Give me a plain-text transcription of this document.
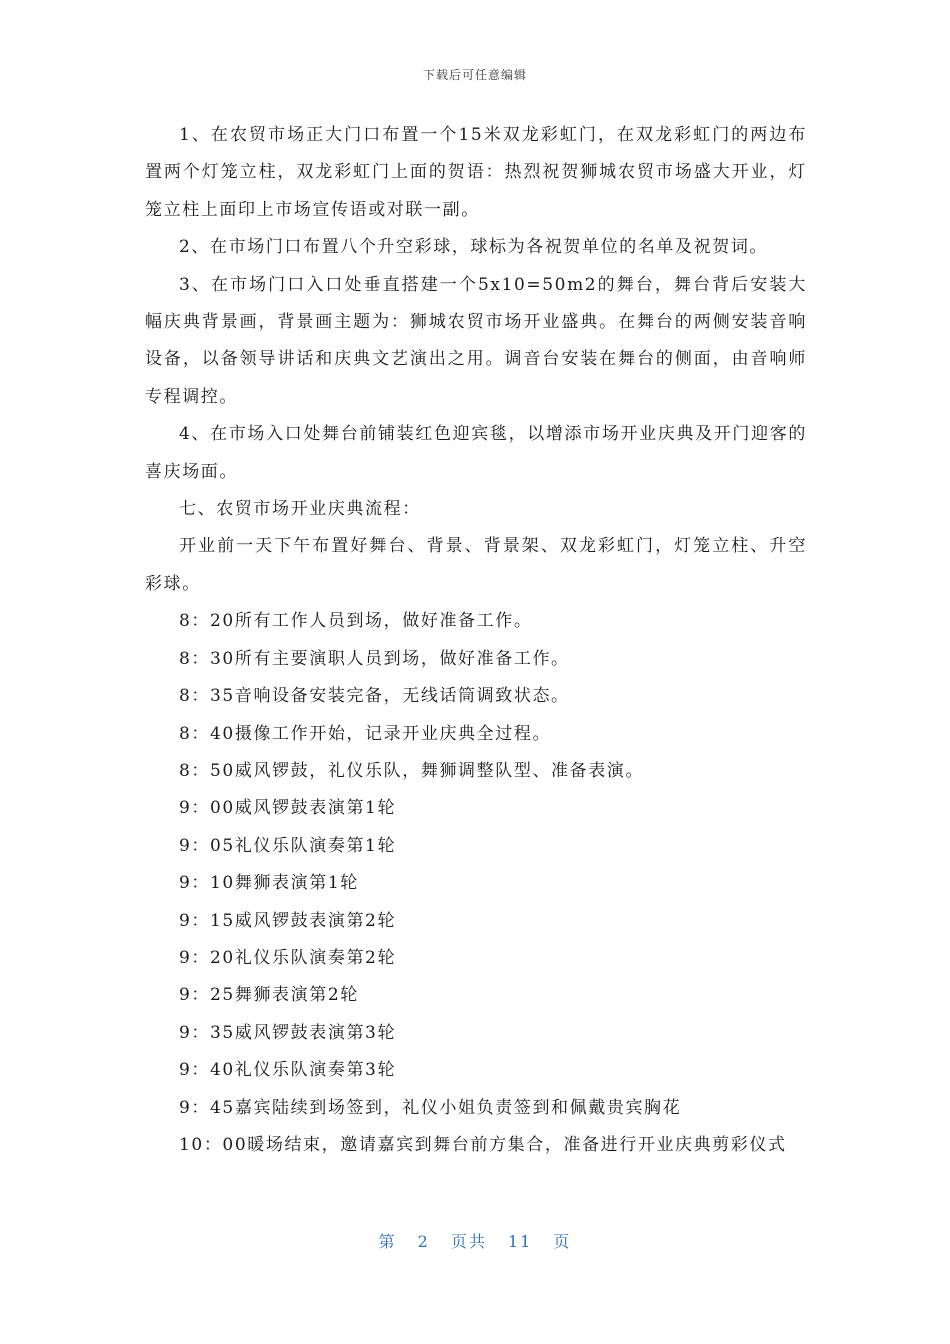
下载后可任意编辑

1、在农贸市场正大门口布置一个15米双龙彩虹门，在双龙彩虹门的两边布置两个灯笼立柱，双龙彩虹门上面的贺语：热烈祝贺狮城农贸市场盛大开业，灯笼立柱上面印上市场宣传语或对联一副。

2、在市场门口布置八个升空彩球，球标为各祝贺单位的名单及祝贺词。

3、在市场门口入口处垂直搭建一个5x10=50m2的舞台，舞台背后安装大幅庆典背景画，背景画主题为：狮城农贸市场开业盛典。在舞台的两侧安装音响设备，以备领导讲话和庆典文艺演出之用。调音台安装在舞台的侧面，由音响师专程调控。

4、在市场入口处舞台前铺装红色迎宾毯，以增添市场开业庆典及开门迎客的喜庆场面。

七、农贸市场开业庆典流程：

开业前一天下午布置好舞台、背景、背景架、双龙彩虹门，灯笼立柱、升空彩球。

8：20所有工作人员到场，做好准备工作。

8：30所有主要演职人员到场，做好准备工作。

8：35音响设备安装完备，无线话筒调致状态。

8：40摄像工作开始，记录开业庆典全过程。

8：50威风锣鼓，礼仪乐队，舞狮调整队型、准备表演。

9：00威风锣鼓表演第1轮

9：05礼仪乐队演奏第1轮

9：10舞狮表演第1轮

9：15威风锣鼓表演第2轮

9：20礼仪乐队演奏第2轮

9：25舞狮表演第2轮

9：35威风锣鼓表演第3轮

9：40礼仪乐队演奏第3轮

9：45嘉宾陆续到场签到，礼仪小姐负责签到和佩戴贵宾胸花

10：00暖场结束，邀请嘉宾到舞台前方集合，准备进行开业庆典剪彩仪式

第 2 页共 11 页
